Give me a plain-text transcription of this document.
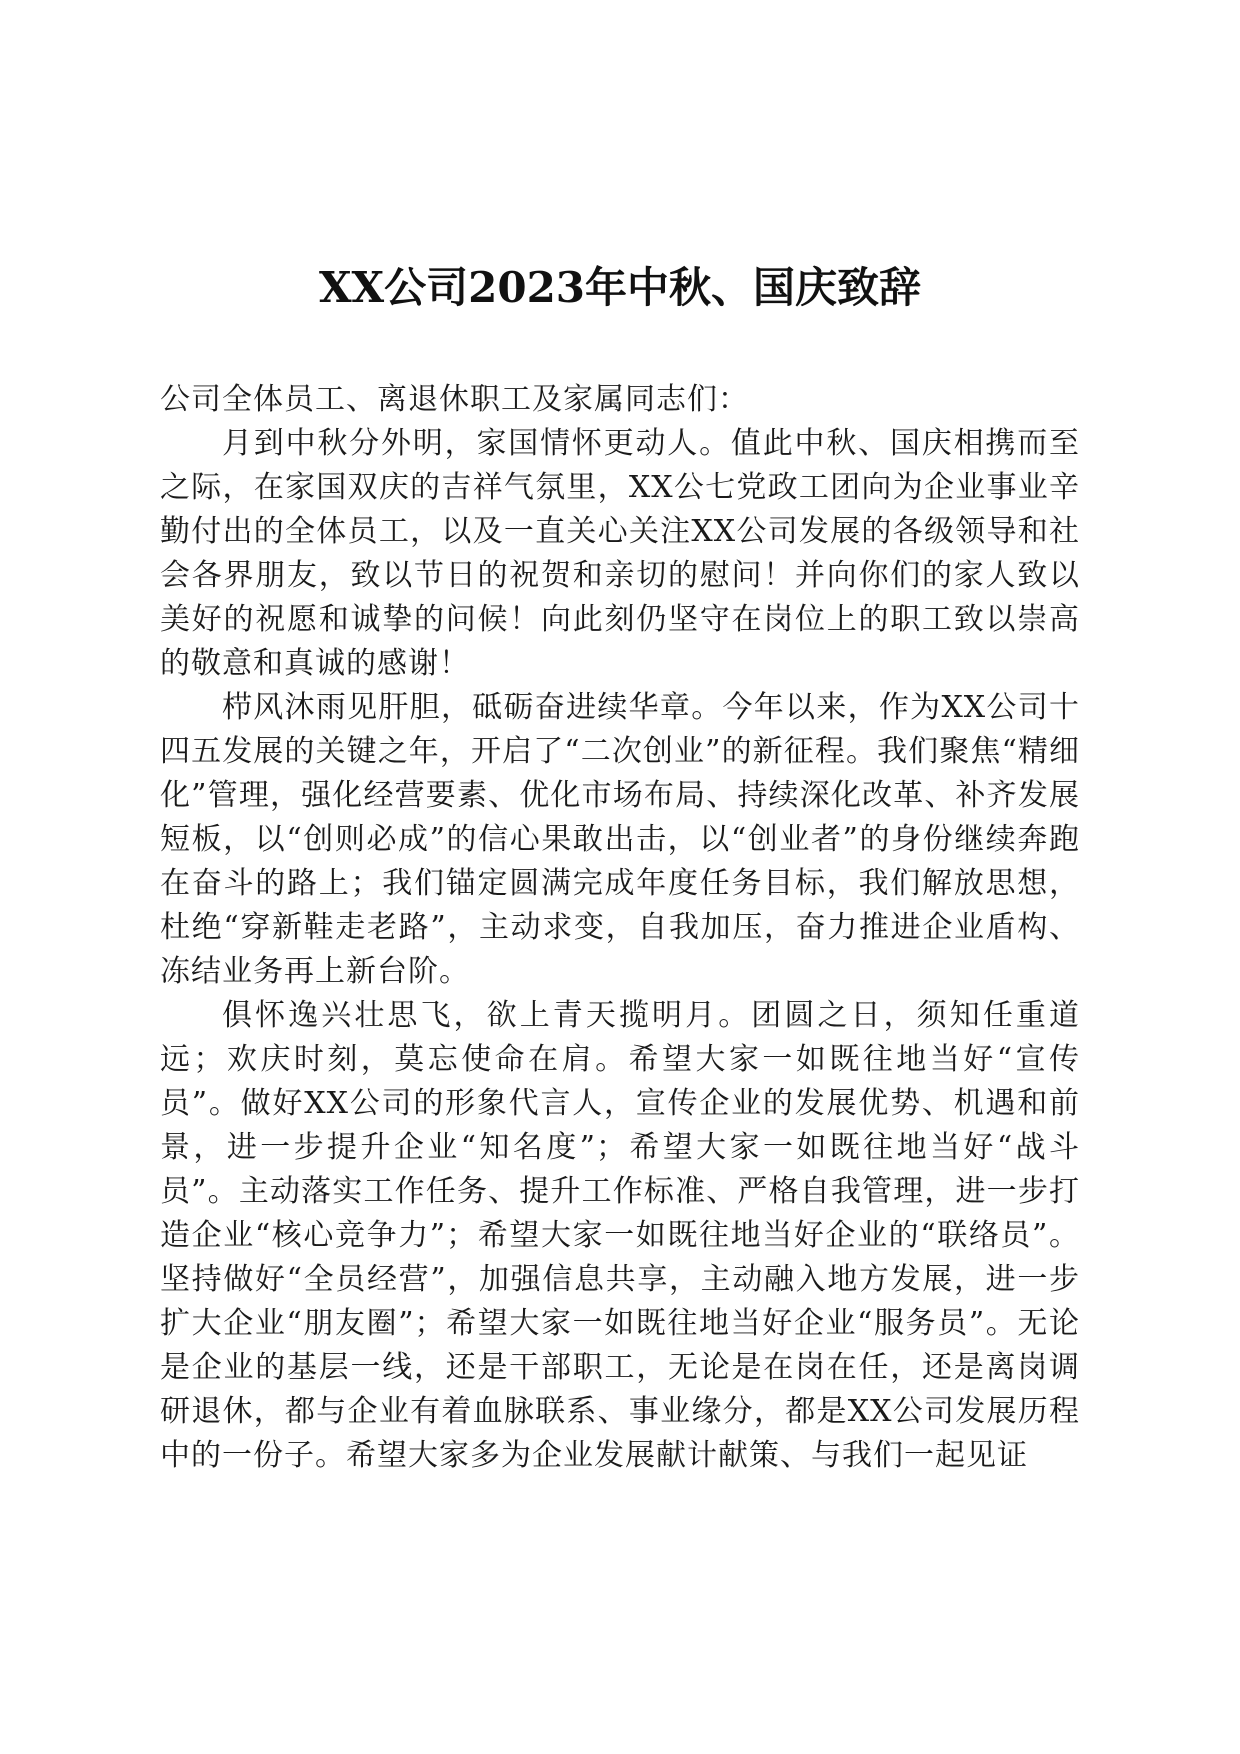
XX公司2023年中秋、国庆致辞

公司全体员工、离退休职工及家属同志们：

月到中秋分外明，家国情怀更动人。值此中秋、国庆相携而至之际，在家国双庆的吉祥气氛里，XX公七党政工团向为企业事业辛勤付出的全体员工，以及一直关心关注XX公司发展的各级领导和社会各界朋友，致以节日的祝贺和亲切的慰问！并向你们的家人致以美好的祝愿和诚挚的问候！向此刻仍坚守在岗位上的职工致以崇高的敬意和真诚的感谢！

栉风沐雨见肝胆，砥砺奋进续华章。今年以来，作为XX公司十四五发展的关键之年，开启了“二次创业”的新征程。我们聚焦“精细化”管理，强化经营要素、优化市场布局、持续深化改革、补齐发展短板，以“创则必成”的信心果敢出击，以“创业者”的身份继续奔跑在奋斗的路上；我们锚定圆满完成年度任务目标，我们解放思想，杜绝“穿新鞋走老路”，主动求变，自我加压，奋力推进企业盾构、冻结业务再上新台阶。

俱怀逸兴壮思飞，欲上青天揽明月。团圆之日，须知任重道远；欢庆时刻，莫忘使命在肩。希望大家一如既往地当好“宣传员”。做好XX公司的形象代言人，宣传企业的发展优势、机遇和前景，进一步提升企业“知名度”；希望大家一如既往地当好“战斗员”。主动落实工作任务、提升工作标准、严格自我管理，进一步打造企业“核心竞争力”；希望大家一如既往地当好企业的“联络员”。坚持做好“全员经营”，加强信息共享，主动融入地方发展，进一步扩大企业“朋友圈”；希望大家一如既往地当好企业“服务员”。无论是企业的基层一线，还是干部职工，无论是在岗在任，还是离岗调研退休，都与企业有着血脉联系、事业缘分，都是XX公司发展历程中的一份子。希望大家多为企业发展献计献策、与我们一起见证
